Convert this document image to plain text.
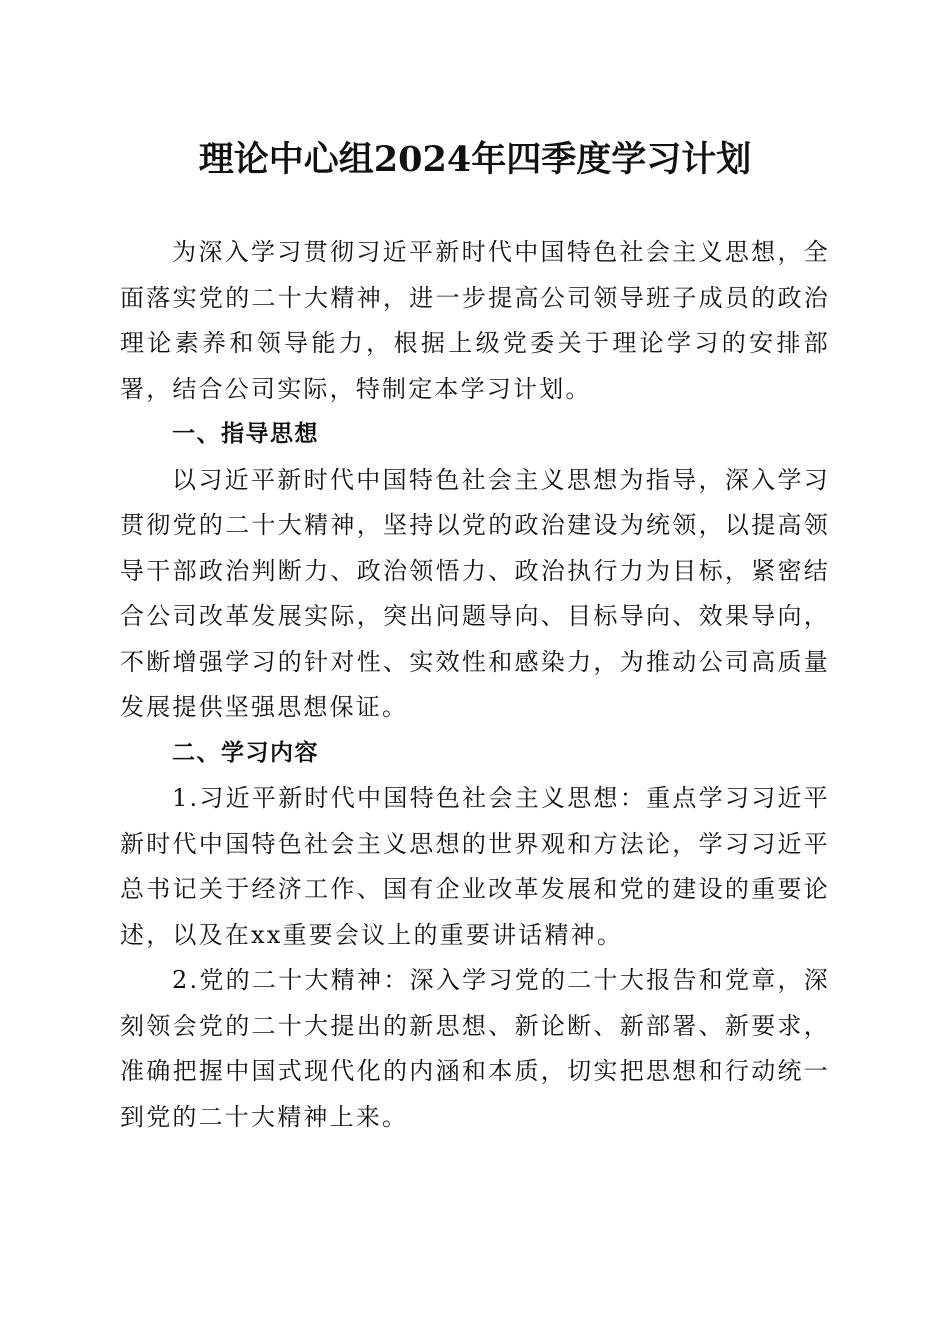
理论中心组2024年四季度学习计划

为深入学习贯彻习近平新时代中国特色社会主义思想，全面落实党的二十大精神，进一步提高公司领导班子成员的政治理论素养和领导能力，根据上级党委关于理论学习的安排部署，结合公司实际，特制定本学习计划。

一、指导思想

以习近平新时代中国特色社会主义思想为指导，深入学习贯彻党的二十大精神，坚持以党的政治建设为统领，以提高领导干部政治判断力、政治领悟力、政治执行力为目标，紧密结合公司改革发展实际，突出问题导向、目标导向、效果导向，不断增强学习的针对性、实效性和感染力，为推动公司高质量发展提供坚强思想保证。

二、学习内容

1.习近平新时代中国特色社会主义思想：重点学习习近平新时代中国特色社会主义思想的世界观和方法论，学习习近平总书记关于经济工作、国有企业改革发展和党的建设的重要论述，以及在xx重要会议上的重要讲话精神。

2.党的二十大精神：深入学习党的二十大报告和党章，深刻领会党的二十大提出的新思想、新论断、新部署、新要求，准确把握中国式现代化的内涵和本质，切实把思想和行动统一到党的二十大精神上来。
